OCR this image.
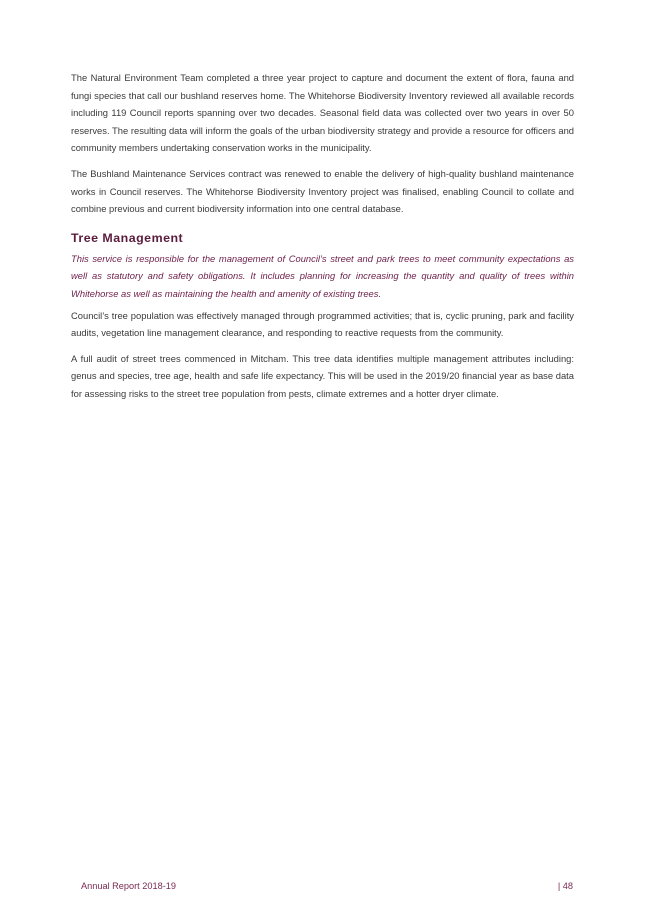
The Natural Environment Team completed a three year project to capture and document the extent of flora, fauna and fungi species that call our bushland reserves home. The Whitehorse Biodiversity Inventory reviewed all available records including 119 Council reports spanning over two decades. Seasonal field data was collected over two years in over 50 reserves. The resulting data will inform the goals of the urban biodiversity strategy and provide a resource for officers and community members undertaking conservation works in the municipality.

The Bushland Maintenance Services contract was renewed to enable the delivery of high-quality bushland maintenance works in Council reserves. The Whitehorse Biodiversity Inventory project was finalised, enabling Council to collate and combine previous and current biodiversity information into one central database.

Tree Management

This service is responsible for the management of Council’s street and park trees to meet community expectations as well as statutory and safety obligations. It includes planning for increasing the quantity and quality of trees within Whitehorse as well as maintaining the health and amenity of existing trees.

Council’s tree population was effectively managed through programmed activities; that is, cyclic pruning, park and facility audits, vegetation line management clearance, and responding to reactive requests from the community.

A full audit of street trees commenced in Mitcham. This tree data identifies multiple management attributes including: genus and species, tree age, health and safe life expectancy. This will be used in the 2019/20 financial year as base data for assessing risks to the street tree population from pests, climate extremes and a hotter dryer climate.

Annual Report 2018-19	| 48
